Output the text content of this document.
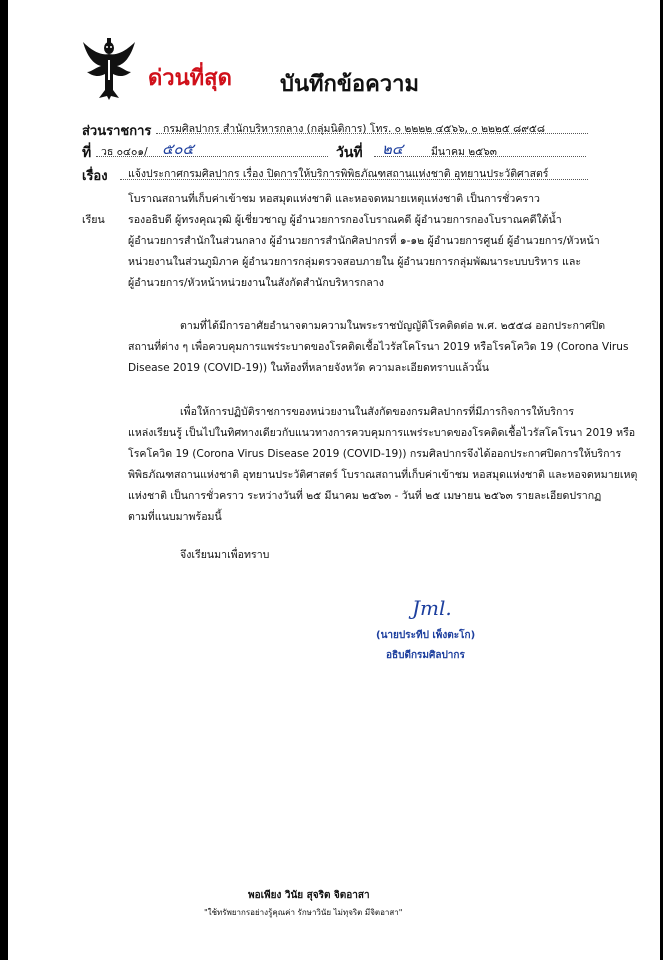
ด่วนที่สุด บันทึกข้อความ
ส่วนราชการ กรมศิลปากร สำนักบริหารกลาง (กลุ่มนิติการ) โทร. ๐ ๒๒๒๒ ๔๕๖๖, ๐ ๒๒๒๕ ๘๙๕๘
ที่ วธ ๐๔๐๑/ ๕๐๕	วันที่ ๒๔	มีนาคม ๒๕๖๓
เรื่อง แจ้งประกาศกรมศิลปากร เรื่อง ปิดการให้บริการพิพิธภัณฑสถานแห่งชาติ อุทยานประวัติศาสตร์
โบราณสถานที่เก็บค่าเข้าชม หอสมุดแห่งชาติ และหอจดหมายเหตุแห่งชาติ เป็นการชั่วคราว
เรียน รองอธิบดี ผู้ทรงคุณวุฒิ ผู้เชี่ยวชาญ ผู้อำนวยการกองโบราณคดี ผู้อำนวยการกองโบราณคดีใต้น้ำ
ผู้อำนวยการสำนักในส่วนกลาง ผู้อำนวยการสำนักศิลปากรที่ ๑-๑๒ ผู้อำนวยการศูนย์ ผู้อำนวยการ/หัวหน้า
หน่วยงานในส่วนภูมิภาค ผู้อำนวยการกลุ่มตรวจสอบภายใน ผู้อำนวยการกลุ่มพัฒนาระบบบริหาร และ
ผู้อำนวยการ/หัวหน้าหน่วยงานในสังกัดสำนักบริหารกลาง
ตามที่ได้มีการอาศัยอำนาจตามความในพระราชบัญญัติโรคติดต่อ พ.ศ. ๒๕๕๘ ออกประกาศปิด
สถานที่ต่าง ๆ เพื่อควบคุมการแพร่ระบาดของโรคติดเชื้อไวรัสโคโรนา 2019 หรือโรคโควิด 19 (Corona Virus
Disease 2019 (COVID-19)) ในท้องที่หลายจังหวัด ความละเอียดทราบแล้วนั้น
เพื่อให้การปฏิบัติราชการของหน่วยงานในสังกัดของกรมศิลปากรที่มีภารกิจการให้บริการ
แหล่งเรียนรู้ เป็นไปในทิศทางเดียวกับแนวทางการควบคุมการแพร่ระบาดของโรคติดเชื้อไวรัสโคโรนา 2019 หรือ
โรคโควิด 19 (Corona Virus Disease 2019 (COVID-19)) กรมศิลปากรจึงได้ออกประกาศปิดการให้บริการ
พิพิธภัณฑสถานแห่งชาติ อุทยานประวัติศาสตร์ โบราณสถานที่เก็บค่าเข้าชม หอสมุดแห่งชาติ และหอจดหมายเหตุ
แห่งชาติ เป็นการชั่วคราว ระหว่างวันที่ ๒๕ มีนาคม ๒๕๖๓ - วันที่ ๒๕ เมษายน ๒๕๖๓ รายละเอียดปรากฏ
ตามที่แนบมาพร้อมนี้
จึงเรียนมาเพื่อทราบ
Jml.
(นายประทีป เพ็งตะโก)
อธิบดีกรมศิลปากร
พอเพียง วินัย สุจริต จิตอาสา
"ใช้ทรัพยากรอย่างรู้คุณค่า รักษาวินัย ไม่ทุจริต มีจิตอาสา"
